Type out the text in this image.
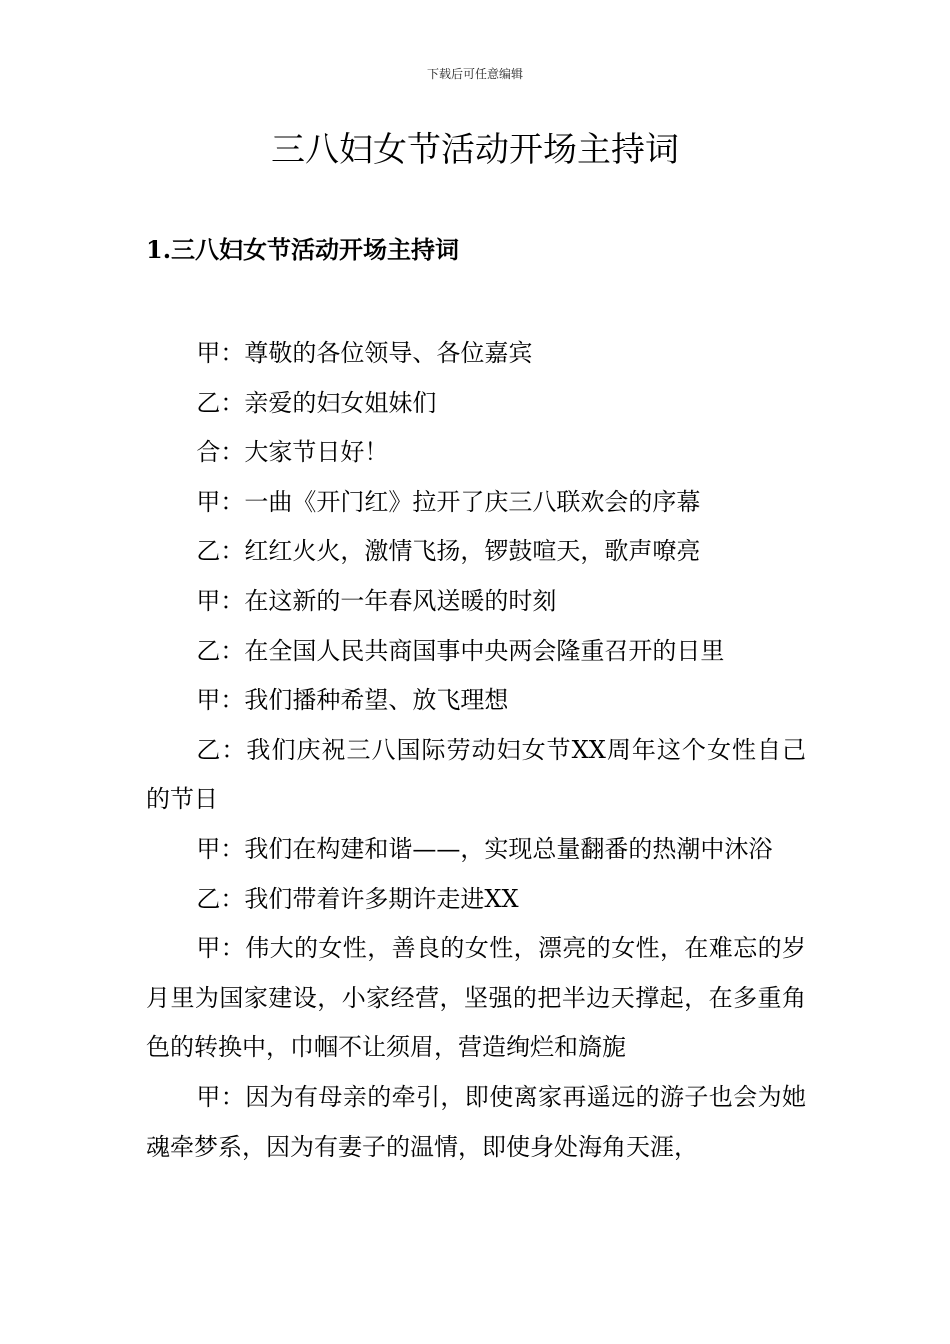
下载后可任意编辑
三八妇女节活动开场主持词
1.三八妇女节活动开场主持词

甲：尊敬的各位领导、各位嘉宾

乙：亲爱的妇女姐妹们

合：大家节日好！

甲：一曲《开门红》拉开了庆三八联欢会的序幕

乙：红红火火，激情飞扬，锣鼓喧天，歌声嘹亮

甲：在这新的一年春风送暖的时刻

乙：在全国人民共商国事中央两会隆重召开的日里

甲：我们播种希望、放飞理想

乙：我们庆祝三八国际劳动妇女节XX周年这个女性自己的节日

甲：我们在构建和谐——，实现总量翻番的热潮中沐浴

乙：我们带着许多期许走进XX

甲：伟大的女性，善良的女性，漂亮的女性，在难忘的岁月里为国家建设，小家经营，坚强的把半边天撑起，在多重角色的转换中，巾帼不让须眉，营造绚烂和旖旎

甲：因为有母亲的牵引，即使离家再遥远的游子也会为她魂牵梦系，因为有妻子的温情，即使身处海角天涯，
